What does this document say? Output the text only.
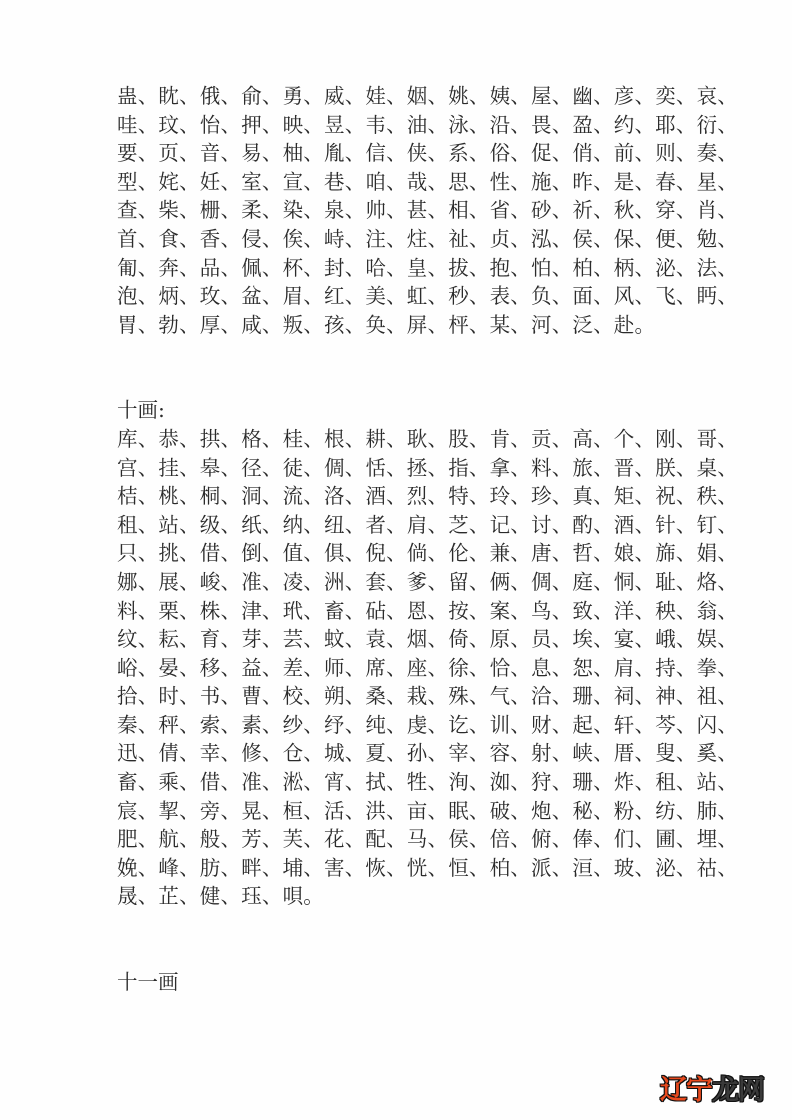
蛊、眈、俄、俞、勇、威、娃、姻、姚、姨、屋、幽、彦、奕、哀、
哇、玟、怡、押、映、昱、韦、油、泳、沿、畏、盈、约、耶、衍、
要、页、音、易、柚、胤、信、侠、系、俗、促、俏、前、则、奏、
型、姹、妊、室、宣、巷、咱、哉、思、性、施、昨、是、春、星、
查、柴、栅、柔、染、泉、帅、甚、相、省、砂、祈、秋、穿、肖、
首、食、香、侵、俟、峙、注、炷、祉、贞、泓、侯、保、便、勉、
匍、奔、品、佩、杯、封、哈、皇、拔、抱、怕、柏、柄、泌、法、
泡、炳、玫、盆、眉、红、美、虹、秒、表、负、面、风、飞、眄、
胃、勃、厚、咸、叛、孩、奂、屏、枰、某、河、泛、赴。
十画:
库、恭、拱、格、桂、根、耕、耿、股、肯、贡、高、个、刚、哥、
宫、挂、皋、径、徒、倜、恬、拯、指、拿、料、旅、晋、朕、桌、
桔、桃、桐、洞、流、洛、酒、烈、特、玲、珍、真、矩、祝、秩、
租、站、级、纸、纳、纽、者、肩、芝、记、讨、酌、酒、针、钉、
只、挑、借、倒、值、俱、倪、倘、伦、兼、唐、哲、娘、旆、娟、
娜、展、峻、准、凌、洲、套、爹、留、俩、倜、庭、恫、耻、烙、
料、栗、株、津、玳、畜、砧、恩、按、案、鸟、致、洋、秧、翁、
纹、耘、育、芽、芸、蚊、袁、烟、倚、原、员、埃、宴、峨、娱、
峪、晏、移、益、差、师、席、座、徐、恰、息、恕、肩、持、拳、
拾、时、书、曹、校、朔、桑、栽、殊、气、洽、珊、祠、神、祖、
秦、秤、索、素、纱、纾、纯、虔、讫、训、财、起、轩、芩、闪、
迅、倩、幸、修、仓、城、夏、孙、宰、容、射、峡、厝、叟、奚、
畜、乘、借、准、淞、宵、拭、牲、洵、洳、狩、珊、炸、租、站、
宸、挈、旁、晃、桓、活、洪、亩、眠、破、炮、秘、粉、纺、肺、
肥、航、般、芳、芙、花、配、马、侯、倍、俯、俸、们、圃、埋、
娩、峰、肪、畔、埔、害、恢、恍、恒、柏、派、洹、玻、泌、祜、
晟、芷、健、珏、唄。
十一画
辽宁龙网
